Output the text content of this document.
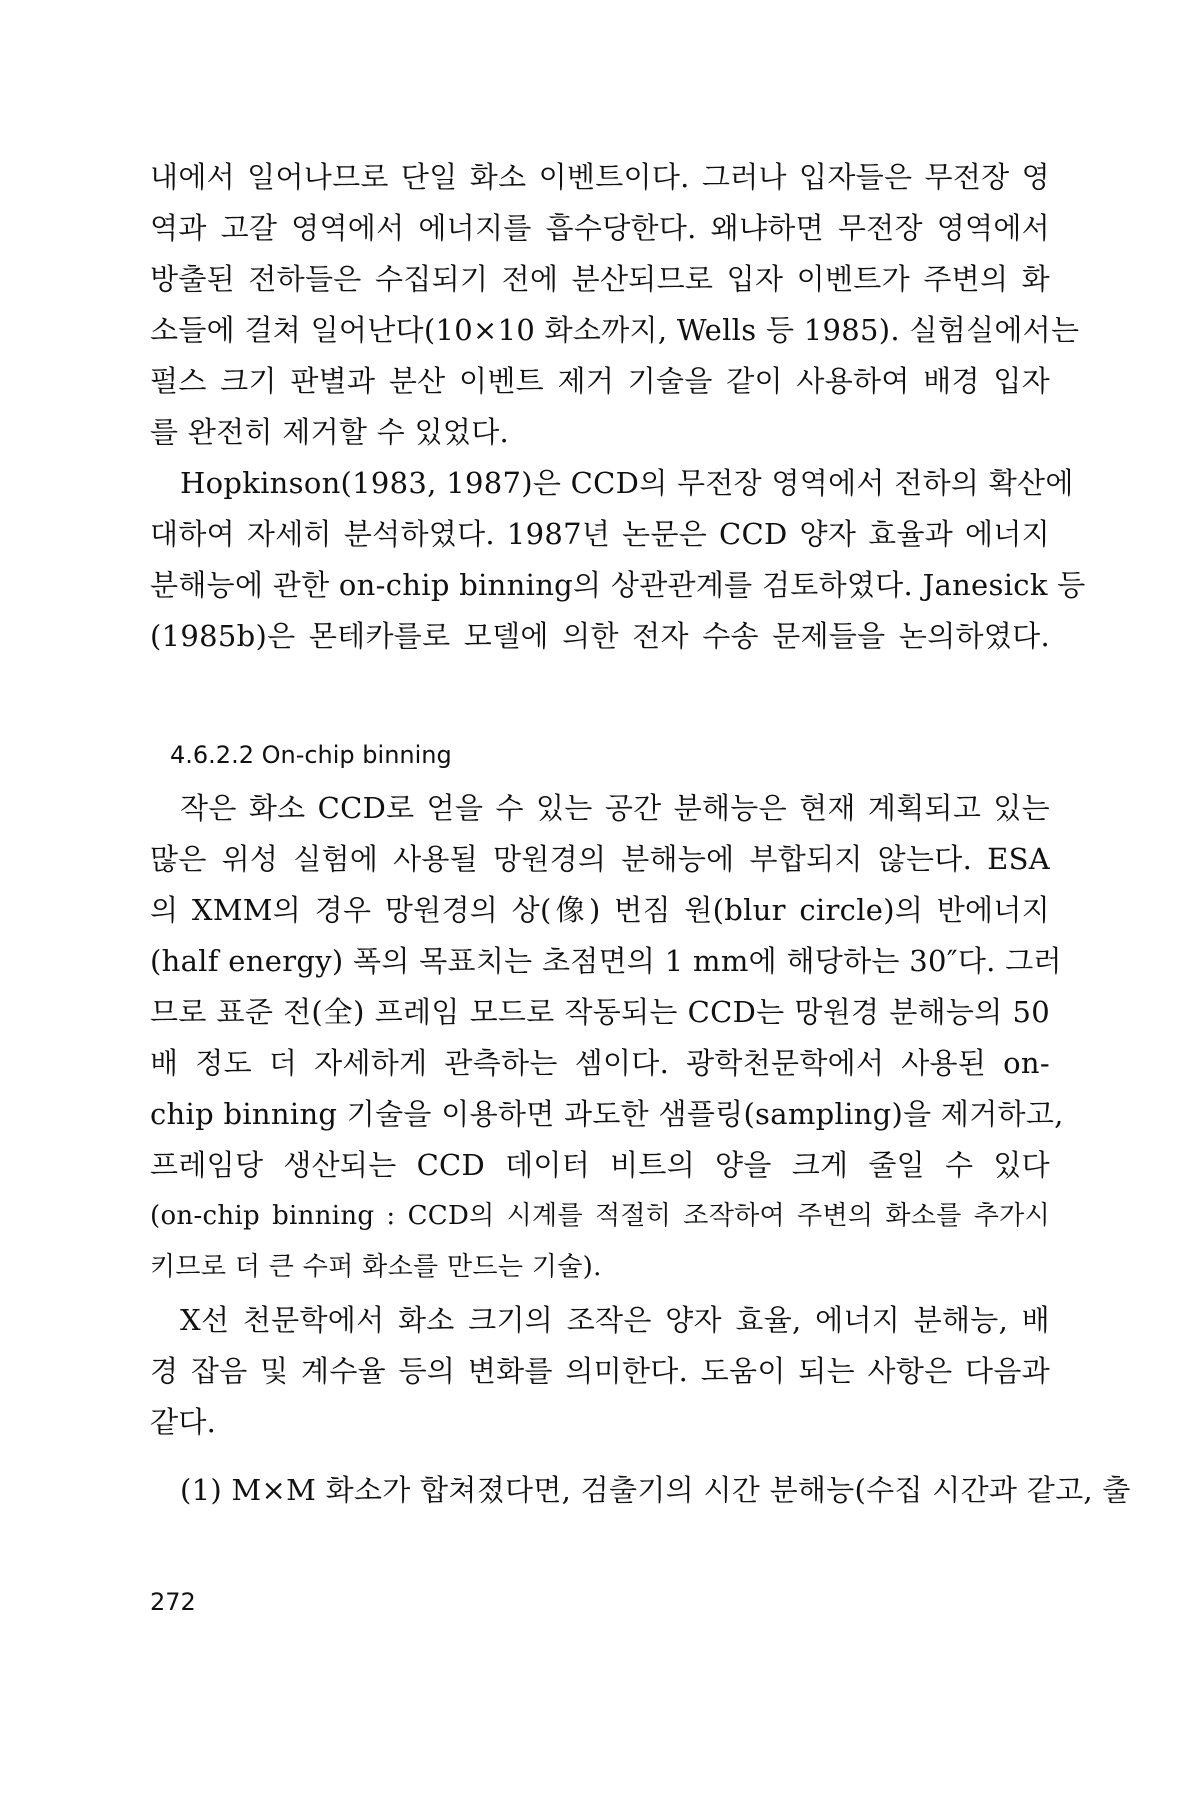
내에서 일어나므로 단일 화소 이벤트이다. 그러나 입자들은 무전장 영
역과 고갈 영역에서 에너지를 흡수당한다. 왜냐하면 무전장 영역에서
방출된 전하들은 수집되기 전에 분산되므로 입자 이벤트가 주변의 화
소들에 걸쳐 일어난다(10×10 화소까지, Wells 등 1985). 실험실에서는
펄스 크기 판별과 분산 이벤트 제거 기술을 같이 사용하여 배경 입자
를 완전히 제거할 수 있었다.
Hopkinson(1983, 1987)은 CCD의 무전장 영역에서 전하의 확산에
대하여 자세히 분석하였다. 1987년 논문은 CCD 양자 효율과 에너지
분해능에 관한 on-chip binning의 상관관계를 검토하였다. Janesick 등
(1985b)은 몬테카를로 모델에 의한 전자 수송 문제들을 논의하였다.
4.6.2.2 On-chip binning
작은 화소 CCD로 얻을 수 있는 공간 분해능은 현재 계획되고 있는
많은 위성 실험에 사용될 망원경의 분해능에 부합되지 않는다. ESA
의 XMM의 경우 망원경의 상(像) 번짐 원(blur circle)의 반에너지
(half energy) 폭의 목표치는 초점면의 1 mm에 해당하는 30″다. 그러
므로 표준 전(全) 프레임 모드로 작동되는 CCD는 망원경 분해능의 50
배 정도 더 자세하게 관측하는 셈이다. 광학천문학에서 사용된 on-
chip binning 기술을 이용하면 과도한 샘플링(sampling)을 제거하고,
프레임당 생산되는 CCD 데이터 비트의 양을 크게 줄일 수 있다
(on-chip binning : CCD의 시계를 적절히 조작하여 주변의 화소를 추가시
키므로 더 큰 수퍼 화소를 만드는 기술).
X선 천문학에서 화소 크기의 조작은 양자 효율, 에너지 분해능, 배
경 잡음 및 계수율 등의 변화를 의미한다. 도움이 되는 사항은 다음과
같다.
(1) M×M 화소가 합쳐졌다면, 검출기의 시간 분해능(수집 시간과 같고, 출
272
